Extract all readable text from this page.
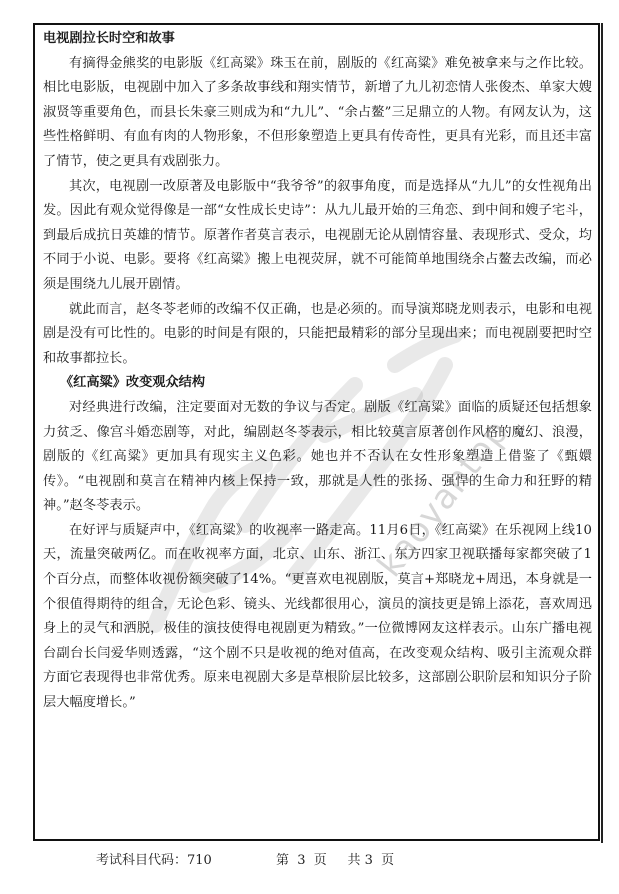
电视剧拉长时空和故事

有摘得金熊奖的电影版《红高粱》珠玉在前，剧版的《红高粱》难免被拿来与之作比较。相比电影版，电视剧中加入了多条故事线和翔实情节，新增了九儿初恋情人张俊杰、单家大嫂淑贤等重要角色，而县长朱豪三则成为和“九儿”、“余占鳌”三足鼎立的人物。有网友认为，这些性格鲜明、有血有肉的人物形象，不但形象塑造上更具有传奇性，更具有光彩，而且还丰富了情节，使之更具有戏剧张力。

其次，电视剧一改原著及电影版中“我爷爷”的叙事角度，而是选择从“九儿”的女性视角出发。因此有观众觉得像是一部“女性成长史诗”：从九儿最开始的三角恋、到中间和嫂子宅斗，到最后成抗日英雄的情节。原著作者莫言表示，电视剧无论从剧情容量、表现形式、受众，均不同于小说、电影。要将《红高粱》搬上电视荧屏，就不可能简单地围绕余占鳌去改编，而必须是围绕九儿展开剧情。

就此而言，赵冬苓老师的改编不仅正确，也是必须的。而导演郑晓龙则表示，电影和电视剧是没有可比性的。电影的时间是有限的，只能把最精彩的部分呈现出来；而电视剧要把时空和故事都拉长。

《红高粱》改变观众结构

对经典进行改编，注定要面对无数的争议与否定。剧版《红高粱》面临的质疑还包括想象力贫乏、像宫斗婚恋剧等，对此，编剧赵冬苓表示，相比较莫言原著创作风格的魔幻、浪漫，剧版的《红高粱》更加具有现实主义色彩。她也并不否认在女性形象塑造上借鉴了《甄嬛传》。“电视剧和莫言在精神内核上保持一致，那就是人性的张扬、强悍的生命力和狂野的精神。”赵冬苓表示。

在好评与质疑声中，《红高粱》的收视率一路走高。11月6日，《红高粱》在乐视网上线10天，流量突破两亿。而在收视率方面，北京、山东、浙江、东方四家卫视联播每家都突破了1个百分点，而整体收视份额突破了14%。“更喜欢电视剧版，莫言+郑晓龙+周迅，本身就是一个很值得期待的组合，无论色彩、镜头、光线都很用心，演员的演技更是锦上添花，喜欢周迅身上的灵气和洒脱，极佳的演技使得电视剧更为精致。”一位微博网友这样表示。山东广播电视台副台长闫爱华则透露，“这个剧不只是收视的绝对值高，在改变观众结构、吸引主流观众群方面它表现得也非常优秀。原来电视剧大多是草根阶层比较多，这部剧公职阶层和知识分子阶层大幅度增长。”

kaoyantop

考试科目代码：710

	第  3  页     共 3  页
